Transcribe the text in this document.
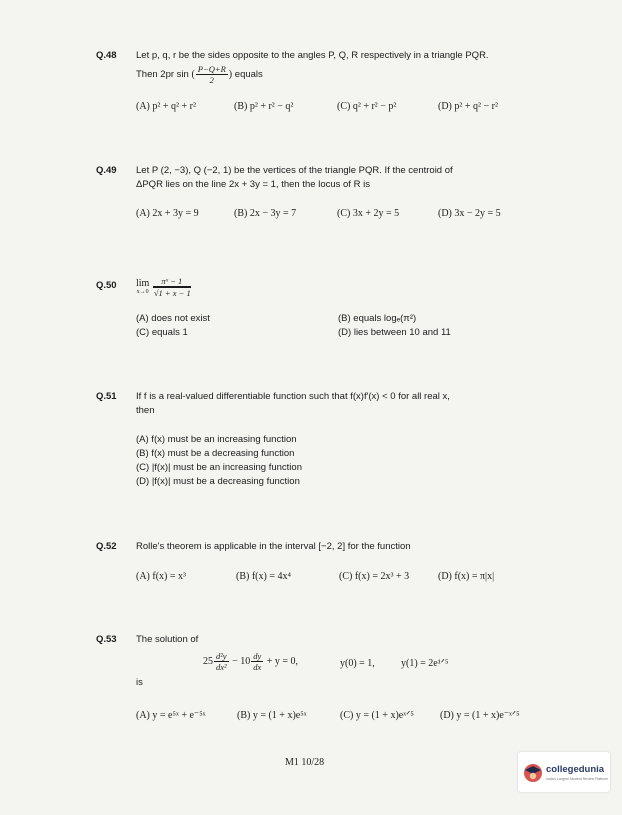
Q.48 Let p, q, r be the sides opposite to the angles P, Q, R respectively in a triangle PQR.
Then 2pr sin ( $\frac{P-Q+R}{2}$ ) equals
(A) p² + q² + r²	(B) p² + r² − q²	(C) q² + r² − p²	(D) p² + q² − r²
Q.49 Let P (2, −3), Q (−2, 1) be the vertices of the triangle PQR. If the centroid of
ΔPQR lies on the line 2x + 3y = 1, then the locus of R is
(A) 2x + 3y = 9	(B) 2x − 3y = 7	(C) 3x + 2y = 5	(D) 3x − 2y = 5
Q.50 lim
x→0
$\frac{\text{πˣ − 1}}{√1 + x - 1}$
(A) does not exist	(B) equals logₑ(π²)
(C) equals 1	(D) lies between 10 and 11
Q.51 If f is a real-valued differentiable function such that f(x)f′(x) < 0 for all real x,
then
(A) f(x) must be an increasing function
(B) f(x) must be a decreasing function
(C) |f(x)| must be an increasing function
(D) |f(x)| must be a decreasing function
Q.52 Rolle's theorem is applicable in the interval [−2, 2] for the function
(A) f(x) = x³	(B) f(x) = 4x⁴	(C) f(x) = 2x³ + 3	(D) f(x) = π|x|
Q.53 The solution of
$25 \frac{\text{d²y}}{\text{dx²}} - 10 \frac{dy}{dx} + y = 0$,	y(0) = 1,	y(1) = 2e¹ᐟ⁵
is
(A) y = e⁵ˣ + e⁻⁵ˣ	(B) y = (1 + x)e⁵ˣ	(C) y = (1 + x)eˣᐟ⁵	(D) y = (1 + x)e⁻ˣᐟ⁵
M1 10/28
collegedunia
India's Largest Student Review Platform
